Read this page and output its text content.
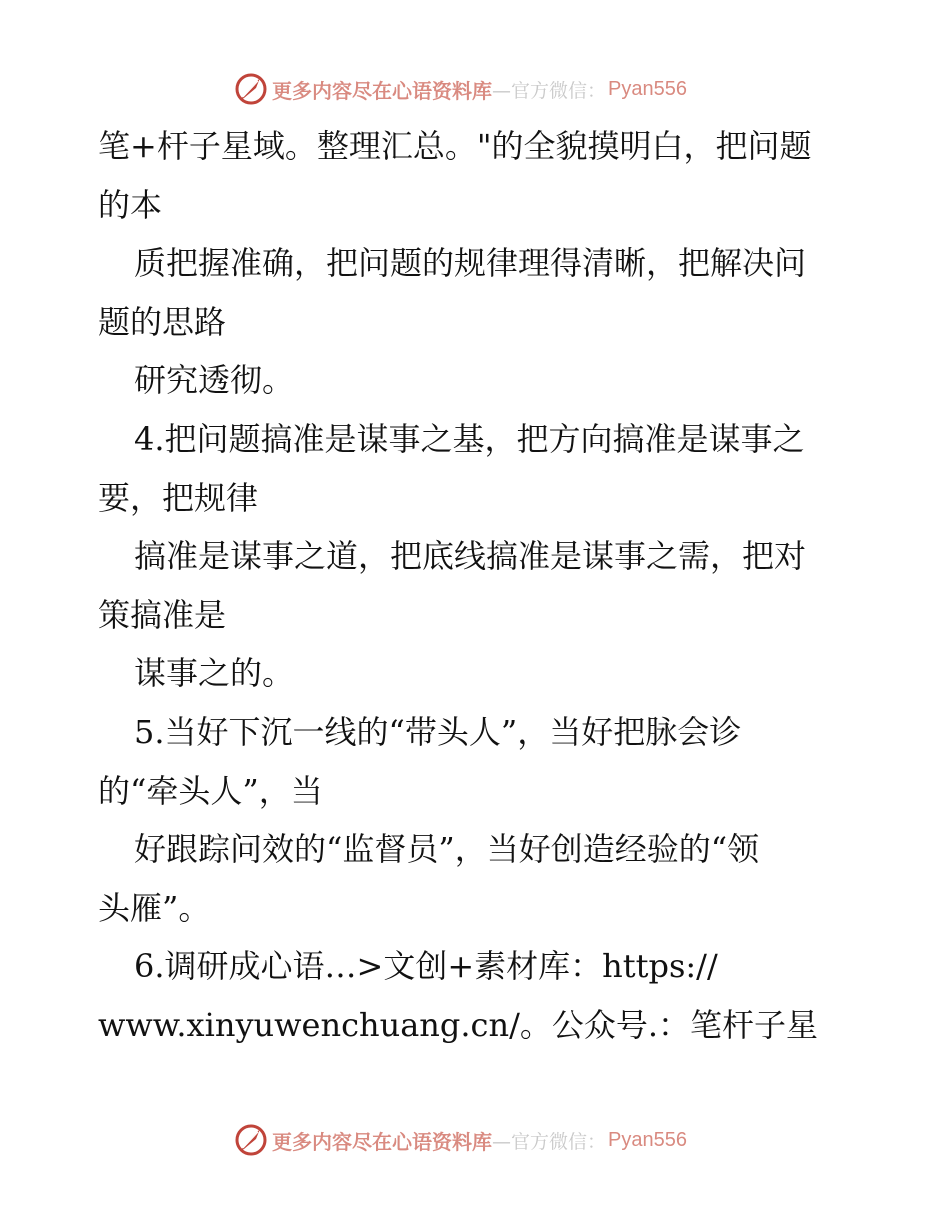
更多内容尽在心语资料库 —官方微信： Pyan556
笔+杆子星域。整理汇总。"的全貌摸明白，把问题
的本
质把握准确，把问题的规律理得清晰，把解决问
题的思路
研究透彻。
4.把问题搞准是谋事之基，把方向搞准是谋事之
要，把规律
搞准是谋事之道，把底线搞准是谋事之需，把对
策搞准是
谋事之的。
5.当好下沉一线的“带头人”，当好把脉会诊
的“牵头人”，当
好跟踪问效的“监督员”，当好创造经验的“领
头雁”。
6.调研成心语…>文创+素材库：https://
www.xinyuwenchuang.cn/。公众号.：笔杆子星
更多内容尽在心语资料库 —官方微信： Pyan556
